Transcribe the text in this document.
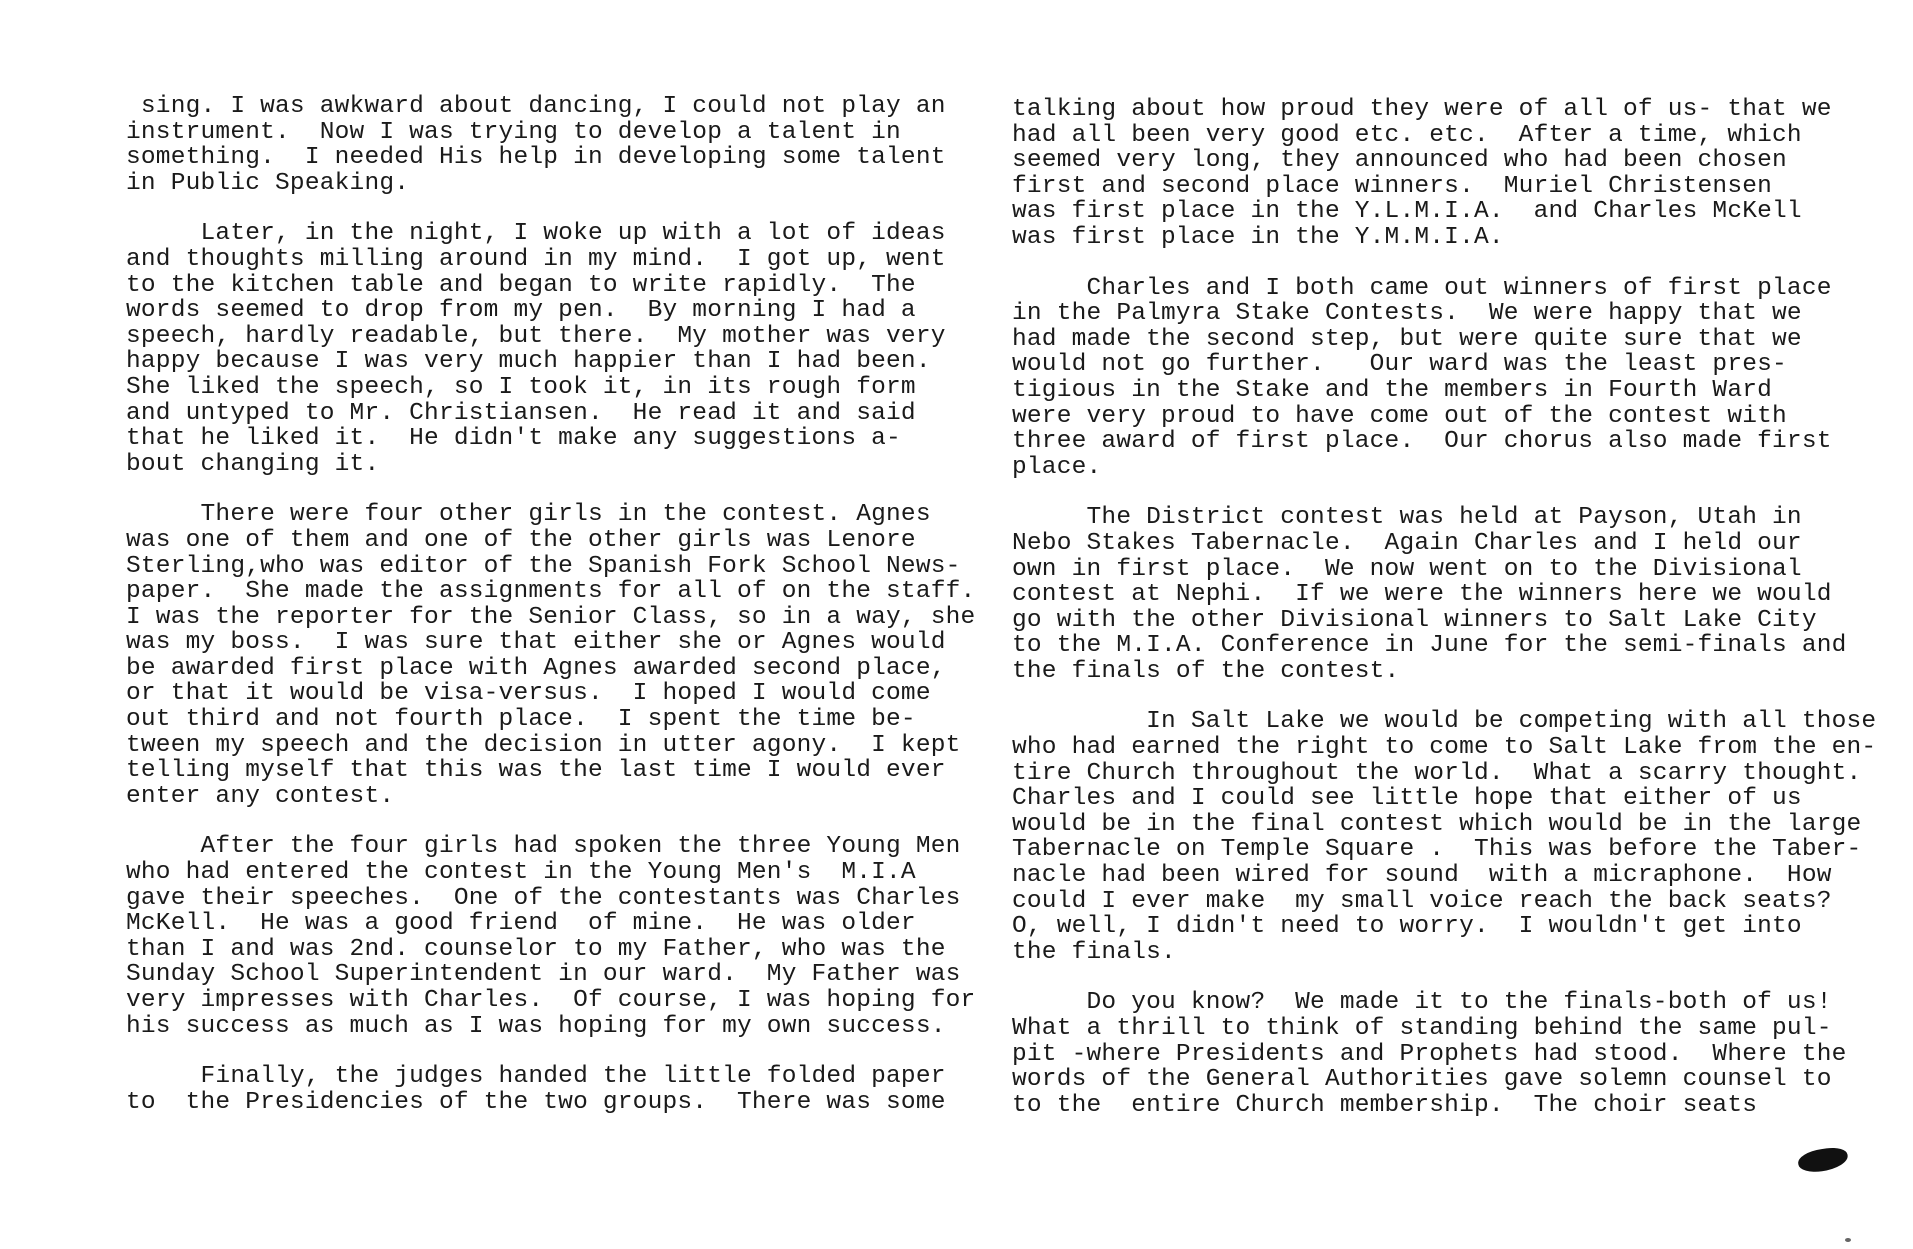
sing. I was awkward about dancing, I could not play an
instrument.  Now I was trying to develop a talent in
something.  I needed His help in developing some talent
in Public Speaking.
Later, in the night, I woke up with a lot of ideas
and thoughts milling around in my mind.  I got up, went
to the kitchen table and began to write rapidly.  The
words seemed to drop from my pen.  By morning I had a
speech, hardly readable, but there.  My mother was very
happy because I was very much happier than I had been.
She liked the speech, so I took it, in its rough form
and untyped to Mr. Christiansen.  He read it and said
that he liked it.  He didn't make any suggestions a-
bout changing it.
There were four other girls in the contest. Agnes
was one of them and one of the other girls was Lenore
Sterling,who was editor of the Spanish Fork School News-
paper.  She made the assignments for all of on the staff.
I was the reporter for the Senior Class, so in a way, she
was my boss.  I was sure that either she or Agnes would
be awarded first place with Agnes awarded second place,
or that it would be visa-versus.  I hoped I would come
out third and not fourth place.  I spent the time be-
tween my speech and the decision in utter agony.  I kept
telling myself that this was the last time I would ever
enter any contest.
After the four girls had spoken the three Young Men
who had entered the contest in the Young Men's  M.I.A
gave their speeches.  One of the contestants was Charles
McKell.  He was a good friend  of mine.  He was older
than I and was 2nd. counselor to my Father, who was the
Sunday School Superintendent in our ward.  My Father was
very impresses with Charles.  Of course, I was hoping for
his success as much as I was hoping for my own success.
Finally, the judges handed the little folded paper
to  the Presidencies of the two groups.  There was some
talking about how proud they were of all of us- that we
had all been very good etc. etc.  After a time, which
seemed very long, they announced who had been chosen
first and second place winners.  Muriel Christensen
was first place in the Y.L.M.I.A.  and Charles McKell
was first place in the Y.M.M.I.A.
Charles and I both came out winners of first place
in the Palmyra Stake Contests.  We were happy that we
had made the second step, but were quite sure that we
would not go further.   Our ward was the least pres-
tigious in the Stake and the members in Fourth Ward
were very proud to have come out of the contest with
three award of first place.  Our chorus also made first
place.
The District contest was held at Payson, Utah in
Nebo Stakes Tabernacle.  Again Charles and I held our
own in first place.  We now went on to the Divisional
contest at Nephi.  If we were the winners here we would
go with the other Divisional winners to Salt Lake City
to the M.I.A. Conference in June for the semi-finals and
the finals of the contest.
In Salt Lake we would be competing with all those
who had earned the right to come to Salt Lake from the en-
tire Church throughout the world.  What a scarry thought.
Charles and I could see little hope that either of us
would be in the final contest which would be in the large
Tabernacle on Temple Square .  This was before the Taber-
nacle had been wired for sound  with a micraphone.  How
could I ever make  my small voice reach the back seats?
O, well, I didn't need to worry.  I wouldn't get into
the finals.
Do you know?  We made it to the finals-both of us!
What a thrill to think of standing behind the same pul-
pit -where Presidents and Prophets had stood.  Where the
words of the General Authorities gave solemn counsel to
to the  entire Church membership.  The choir seats
